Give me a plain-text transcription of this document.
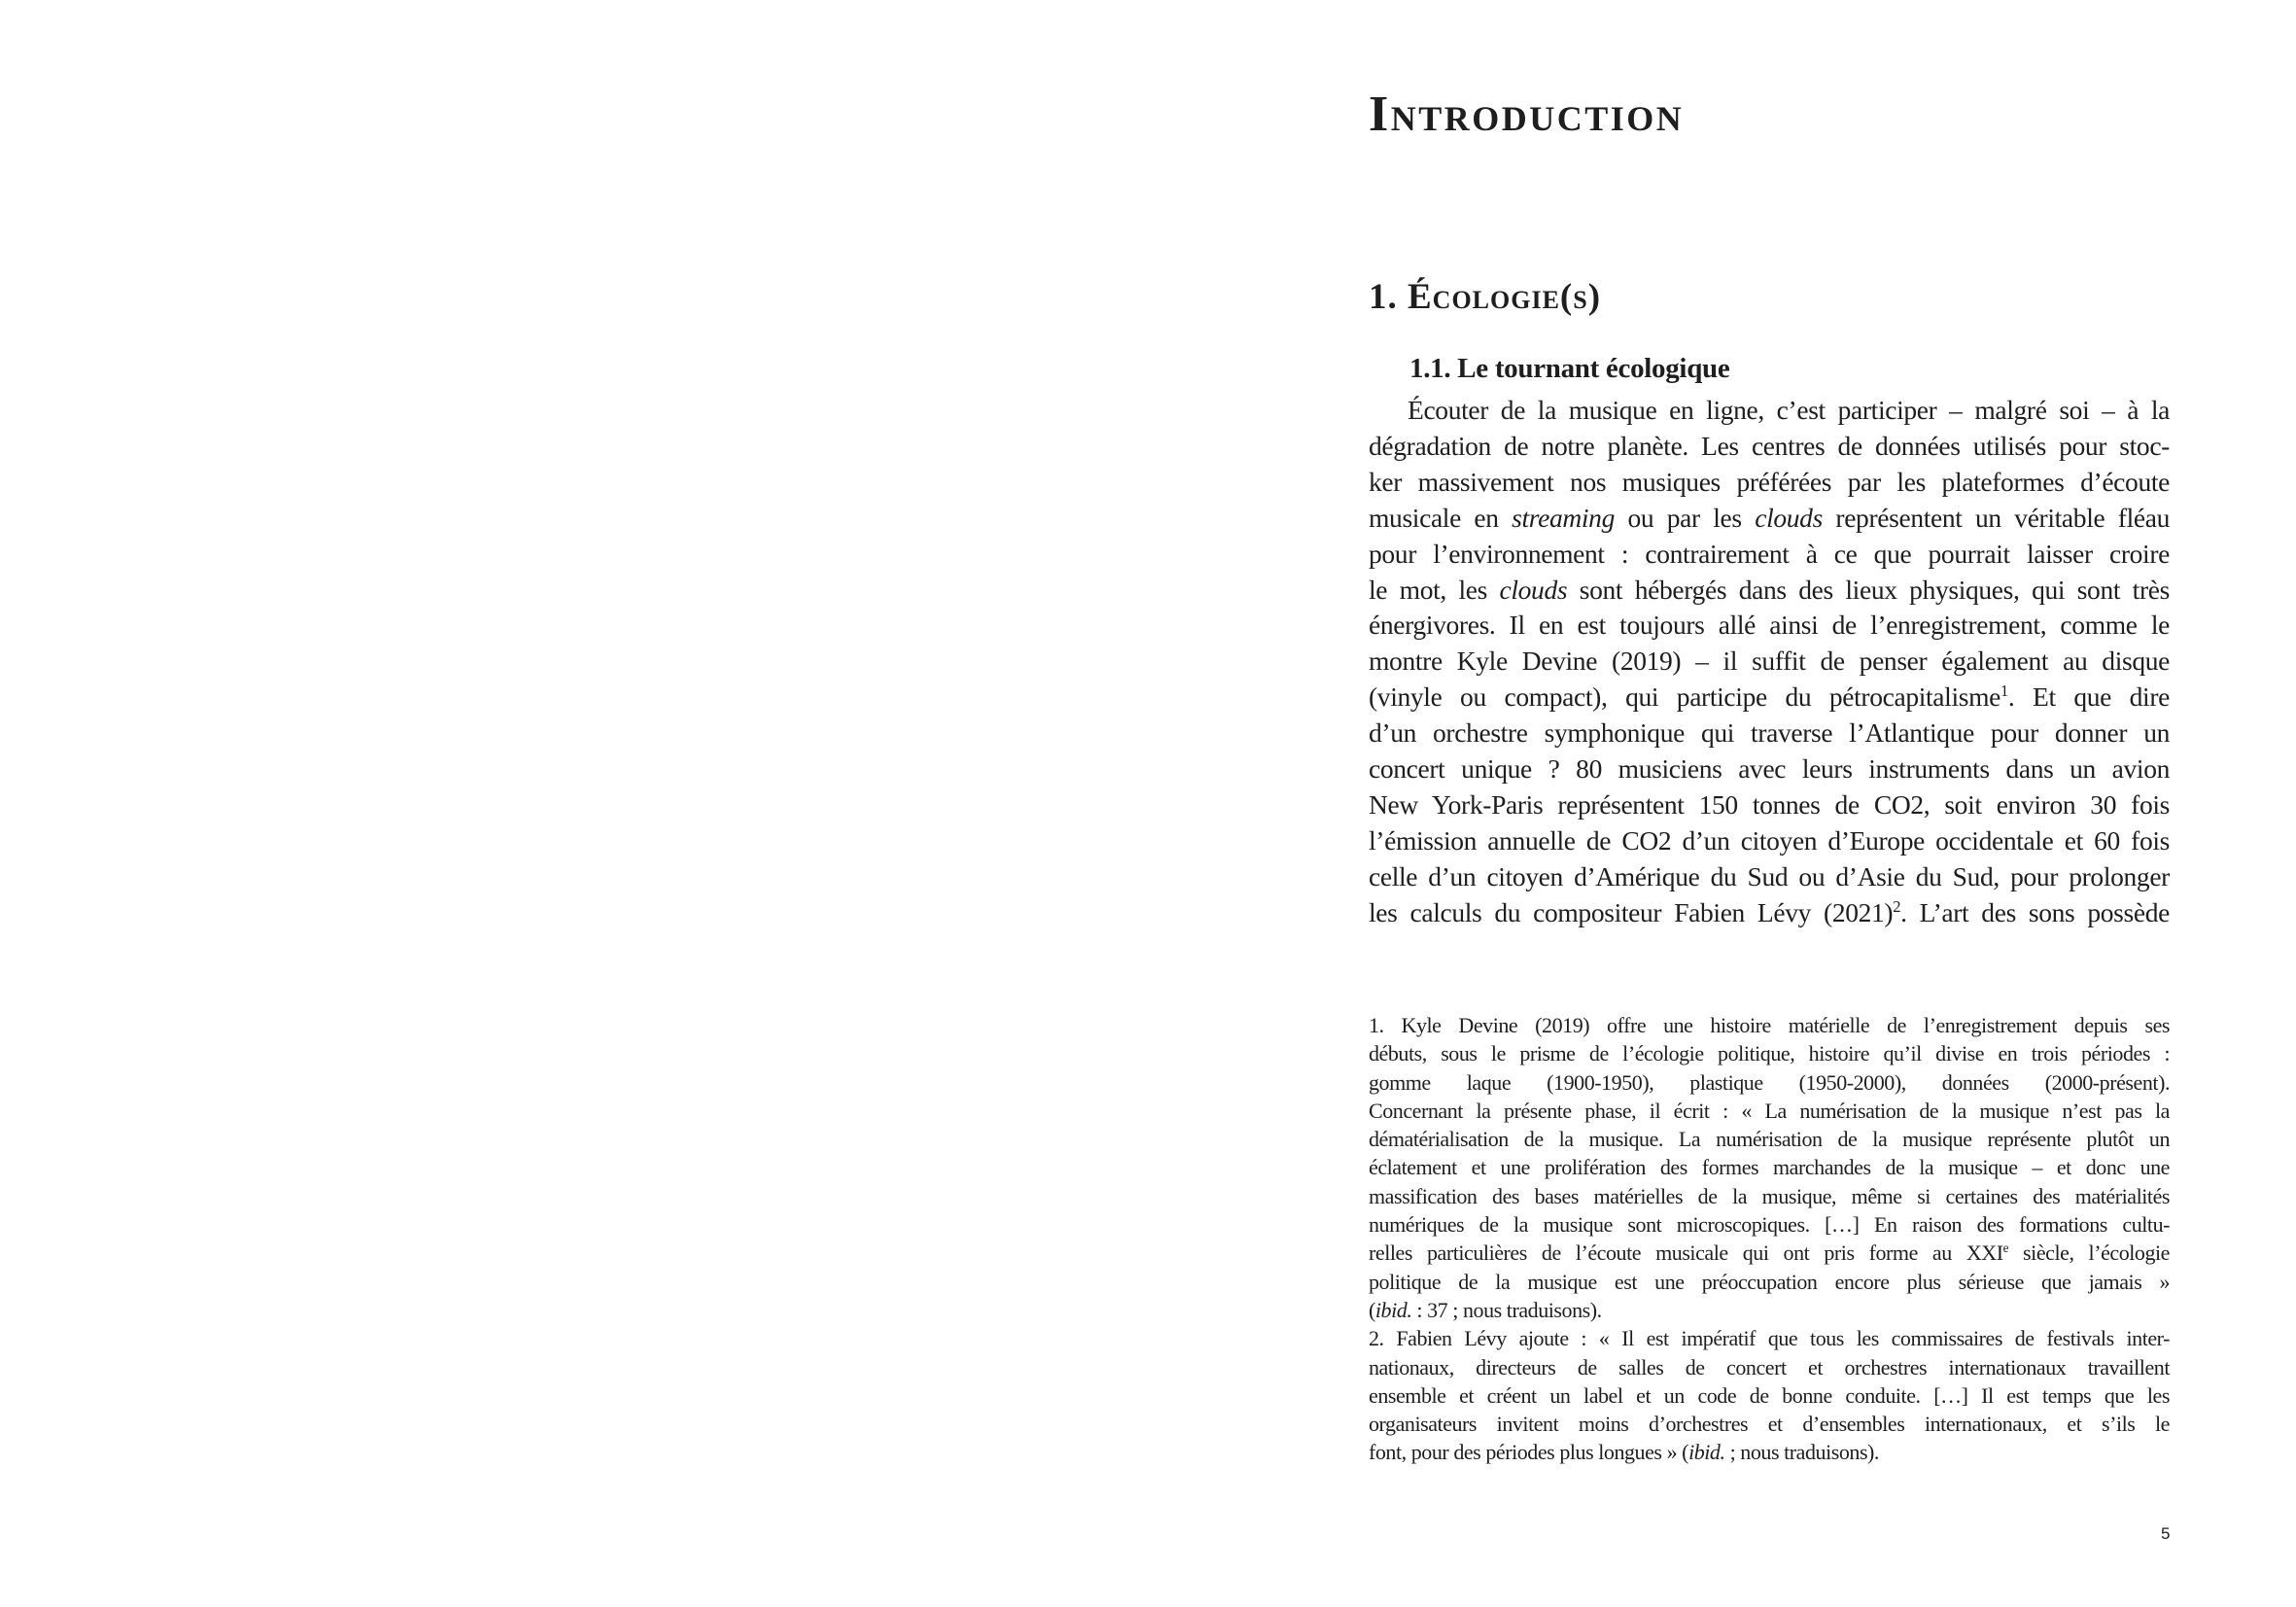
Introduction
1. Écologie(s)
1.1. Le tournant écologique
Écouter de la musique en ligne, c’est participer – malgré soi – à la
dégradation de notre planète. Les centres de données utilisés pour stoc-
ker massivement nos musiques préférées par les plateformes d’écoute
musicale en streaming ou par les clouds représentent un véritable fléau
pour l’environnement : contrairement à ce que pourrait laisser croire
le mot, les clouds sont hébergés dans des lieux physiques, qui sont très
énergivores. Il en est toujours allé ainsi de l’enregistrement, comme le
montre Kyle Devine (2019) – il suffit de penser également au disque
(vinyle ou compact), qui participe du pétrocapitalisme$^1$. Et que dire
d’un orchestre symphonique qui traverse l’Atlantique pour donner un
concert unique ? 80 musiciens avec leurs instruments dans un avion
New York-Paris représentent 150 tonnes de CO2, soit environ 30 fois
l’émission annuelle de CO2 d’un citoyen d’Europe occidentale et 60 fois
celle d’un citoyen d’Amérique du Sud ou d’Asie du Sud, pour prolonger
les calculs du compositeur Fabien Lévy $(2021)^2$. L’art des sons possède
1. Kyle Devine (2019) offre une histoire matérielle de l’enregistrement depuis ses
débuts, sous le prisme de l’écologie politique, histoire qu’il divise en trois périodes :
gomme laque (1900-1950), plastique (1950-2000), données (2000-présent).
Concernant la présente phase, il écrit : « La numérisation de la musique n’est pas la
dématérialisation de la musique. La numérisation de la musique représente plutôt un
éclatement et une prolifération des formes marchandes de la musique – et donc une
massification des bases matérielles de la musique, même si certaines des matérialités
numériques de la musique sont microscopiques. […] En raison des formations cultu-
relles particulières de l’écoute musicale qui ont pris forme au XXIe siècle, l’écologie
politique de la musique est une préoccupation encore plus sérieuse que jamais »
(ibid. : 37 ; nous traduisons).
2. Fabien Lévy ajoute : « Il est impératif que tous les commissaires de festivals inter-
nationaux, directeurs de salles de concert et orchestres internationaux travaillent
ensemble et créent un label et un code de bonne conduite. […] Il est temps que les
organisateurs invitent moins d’orchestres et d’ensembles internationaux, et s’ils le
font, pour des périodes plus longues » (ibid. ; nous traduisons).
5
